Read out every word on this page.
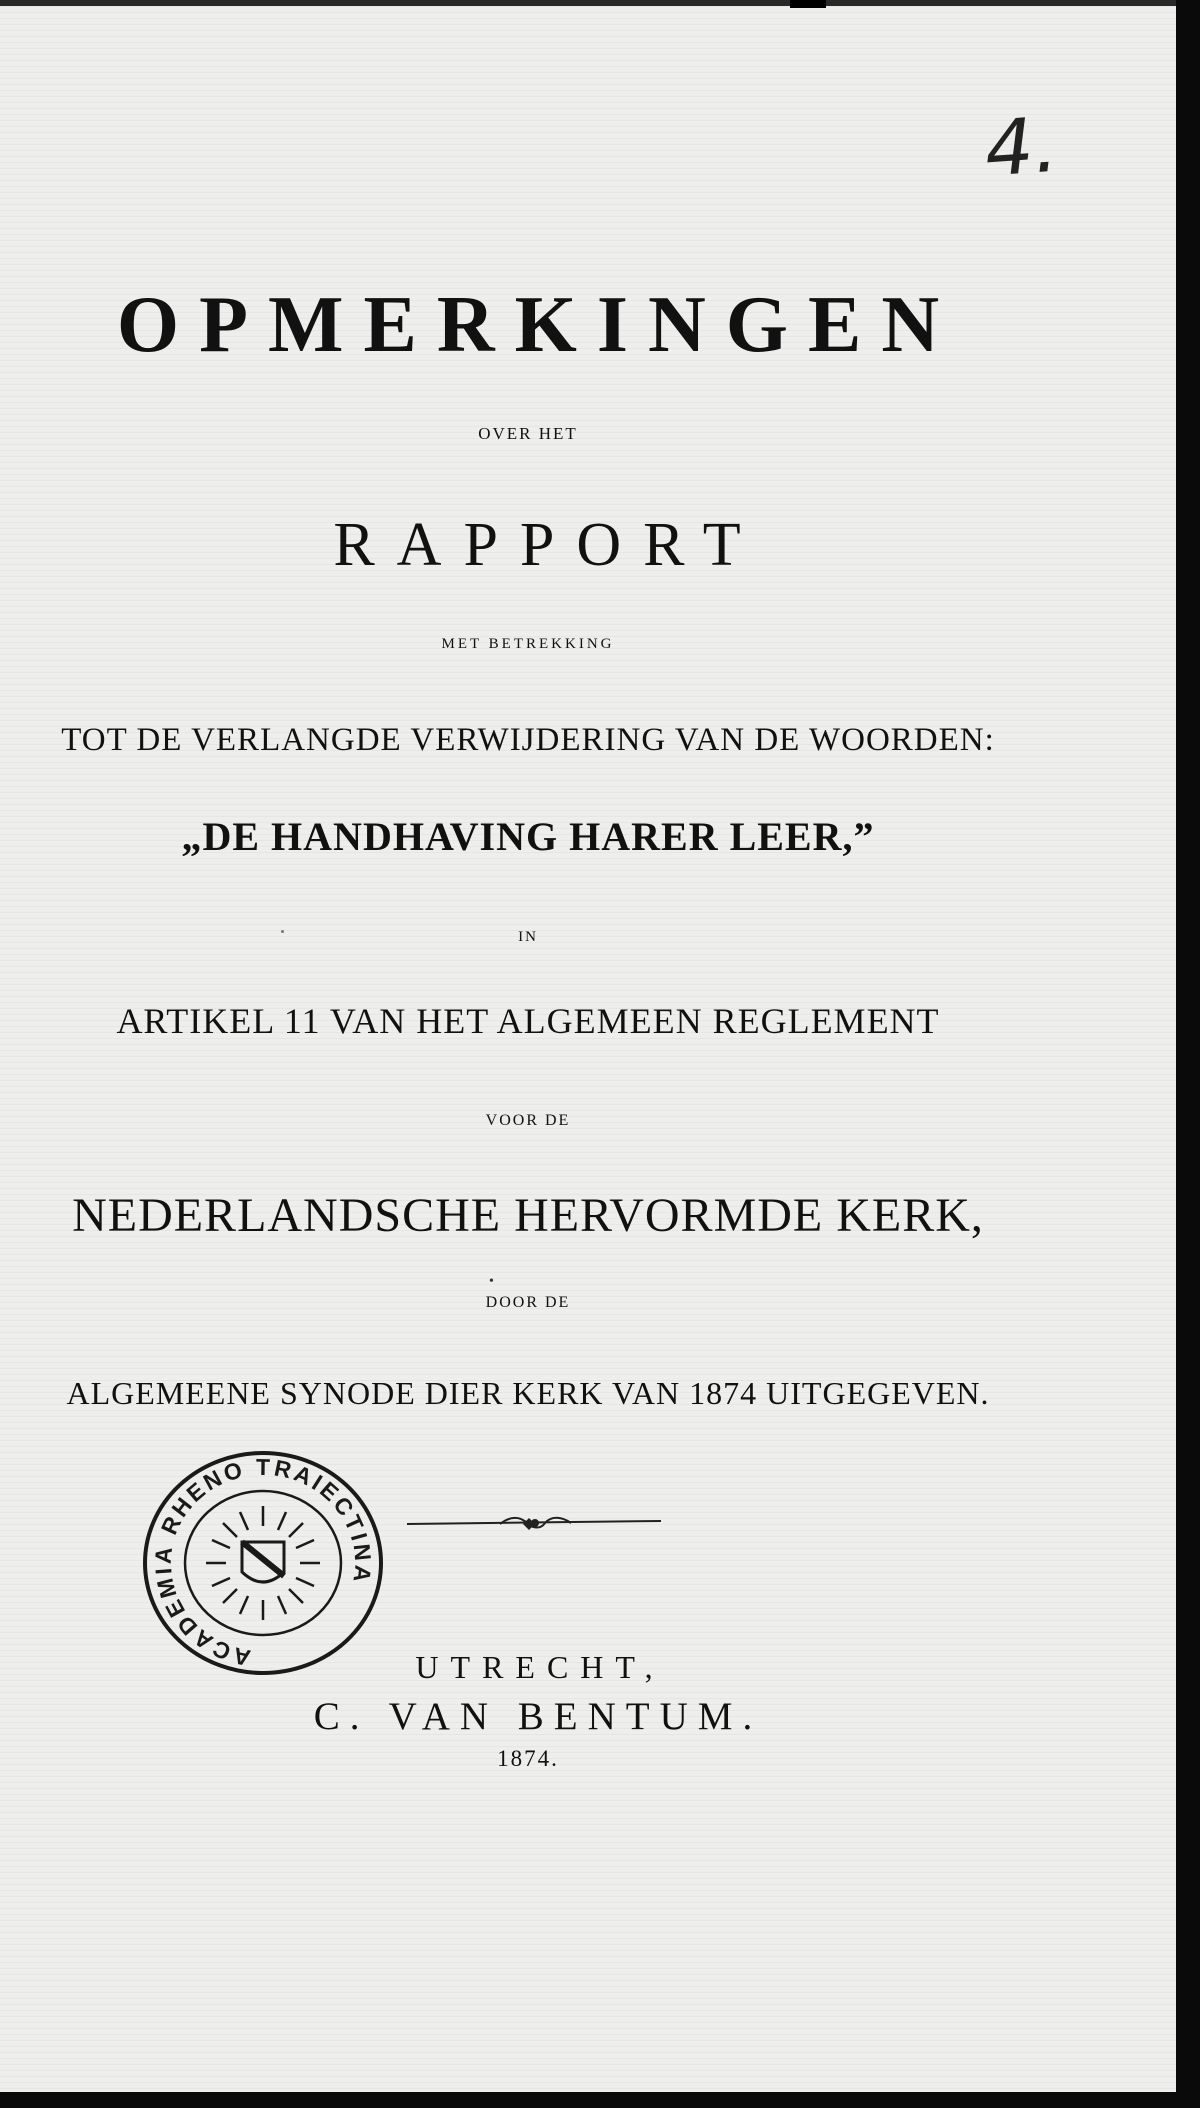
4.
OPMERKINGEN
OVER HET
RAPPORT
MET BETREKKING
TOT DE VERLANGDE VERWIJDERING VAN DE WOORDEN:
„DE HANDHAVING HARER LEER,”
IN
ARTIKEL 11 VAN HET ALGEMEEN REGLEMENT
VOOR DE
NEDERLANDSCHE HERVORMDE KERK,
•
DOOR DE
ALGEMEENE SYNODE DIER KERK VAN 1874 UITGEGEVEN.
ACADEMIA RHENO TRAIECTINA
UTRECHT,
C. VAN BENTUM.
1874.
